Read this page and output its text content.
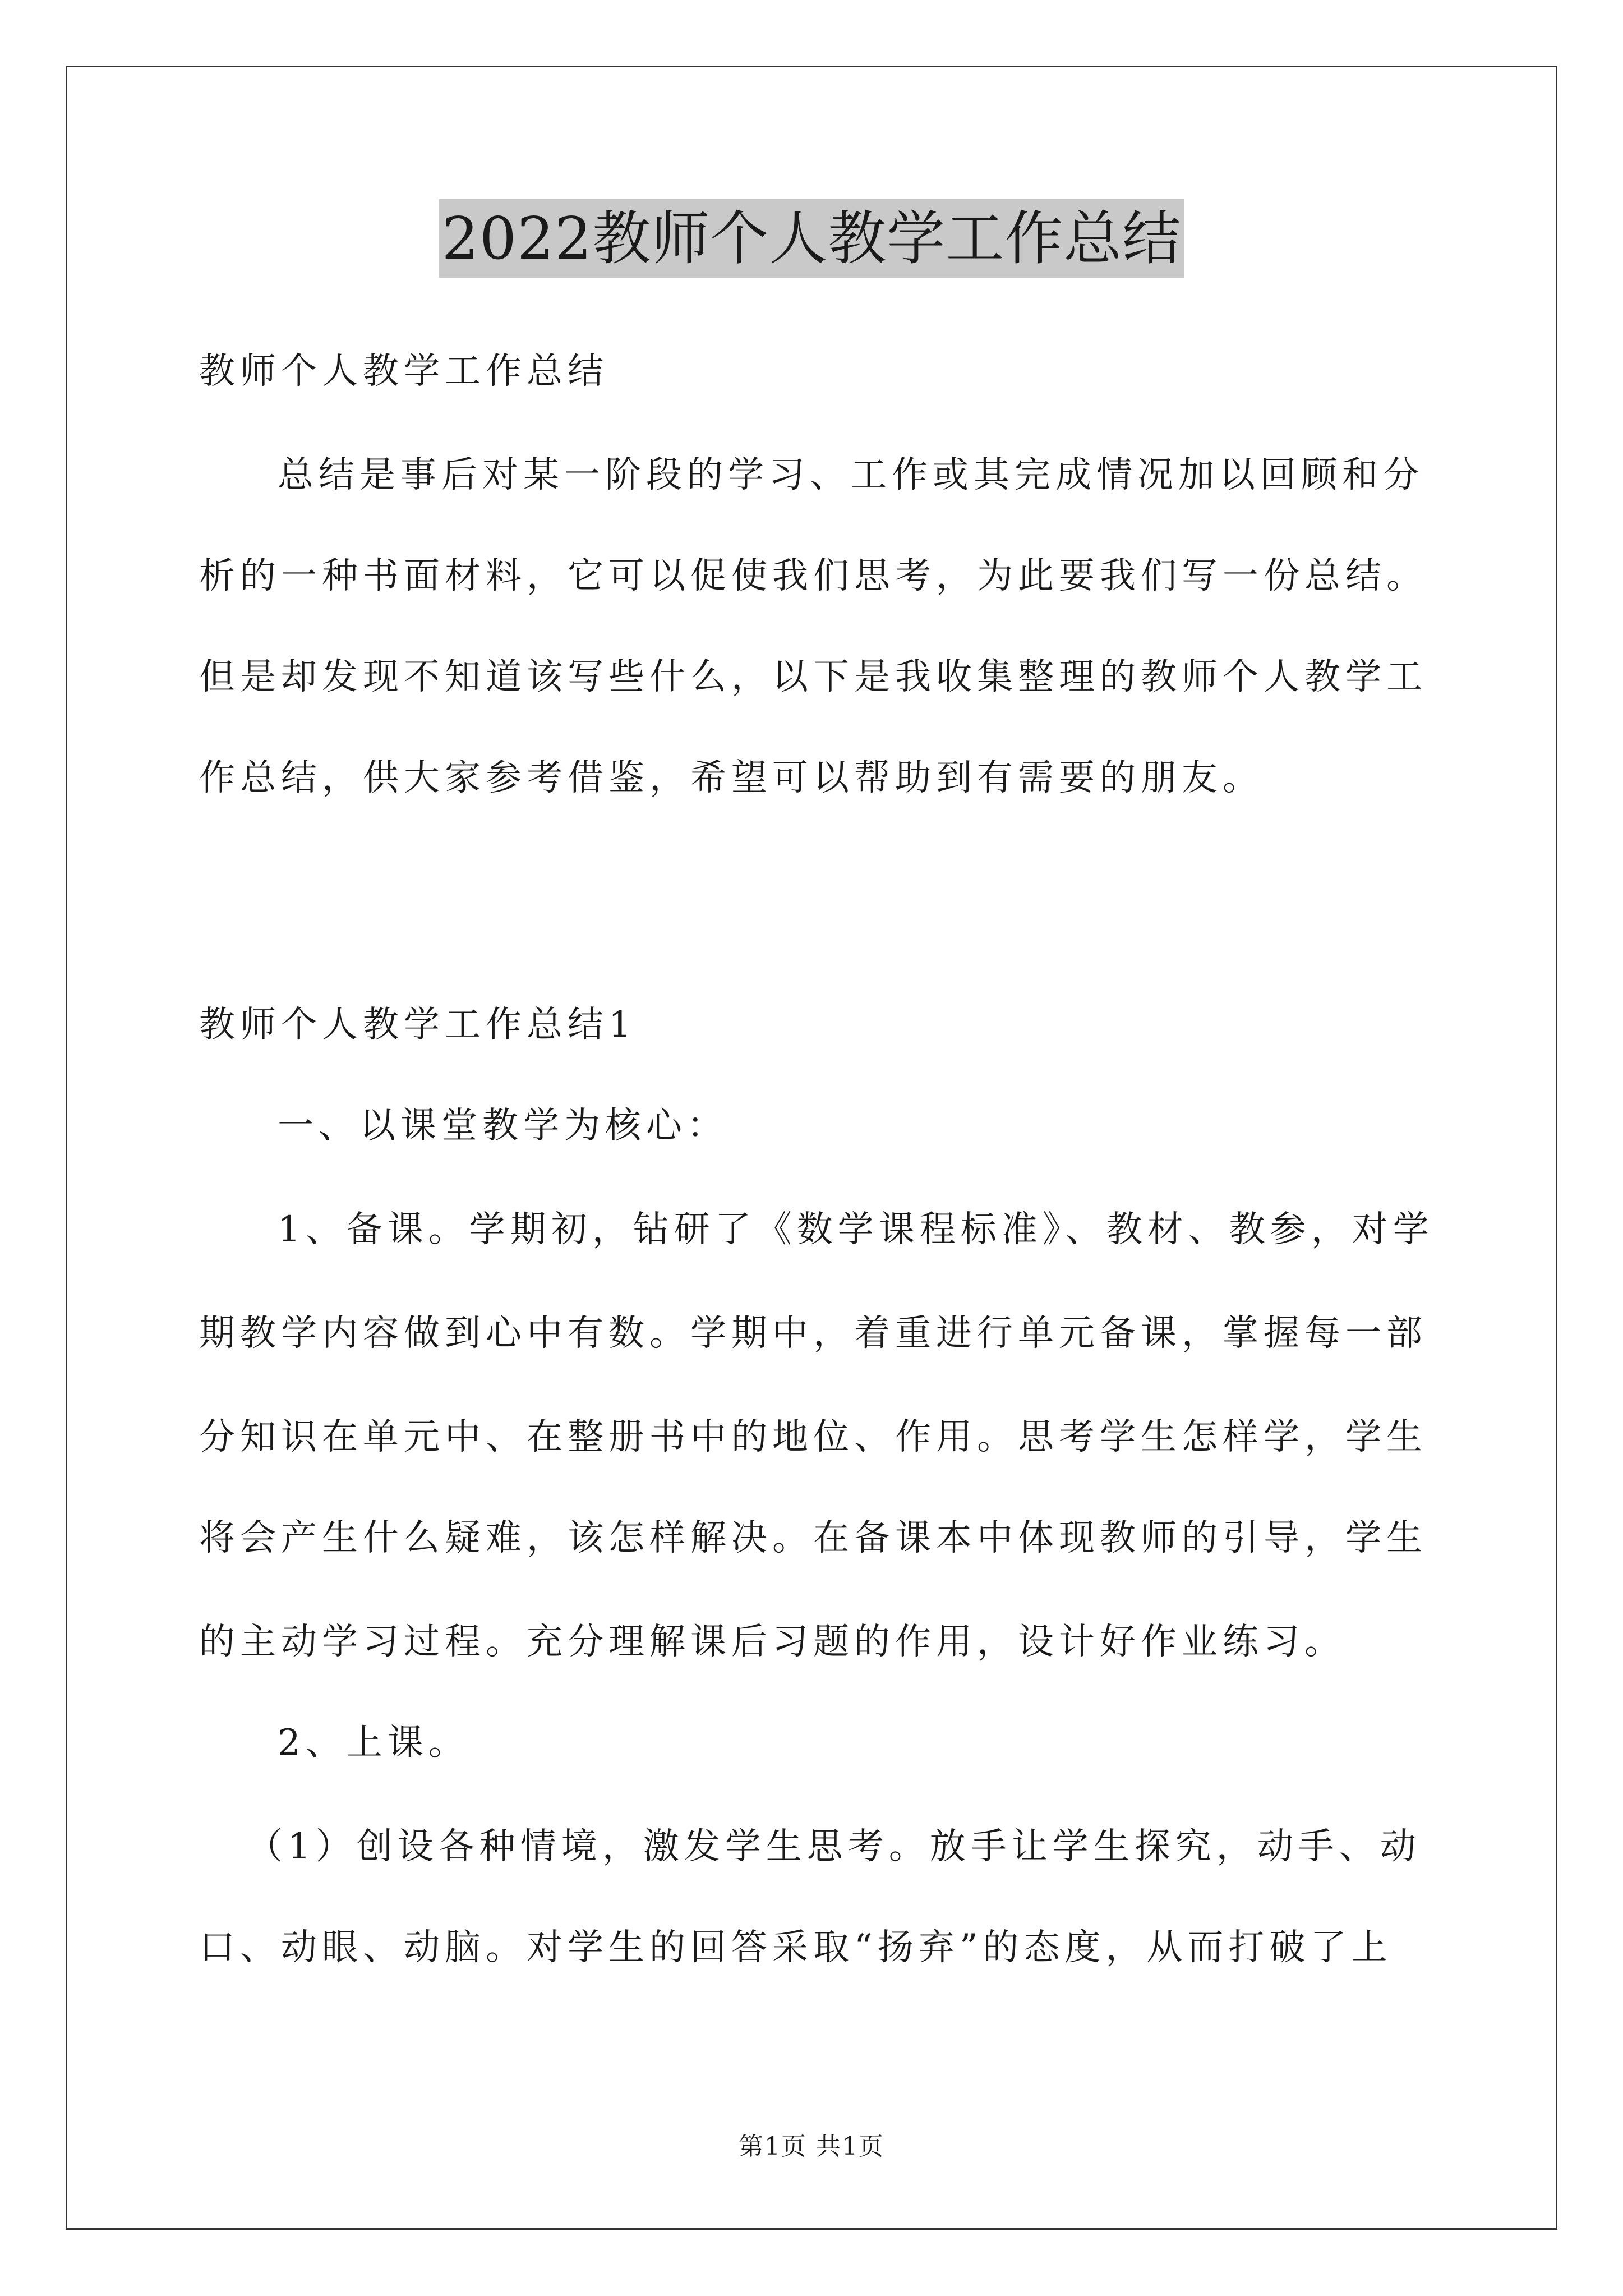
2022教师个人教学工作总结
教师个人教学工作总结
总结是事后对某一阶段的学习、工作或其完成情况加以回顾和分
析的一种书面材料，它可以促使我们思考，为此要我们写一份总结。
但是却发现不知道该写些什么，以下是我收集整理的教师个人教学工
作总结，供大家参考借鉴，希望可以帮助到有需要的朋友。
教师个人教学工作总结1
一、以课堂教学为核心：
1、备课。学期初，钻研了《数学课程标准》、教材、教参，对学
期教学内容做到心中有数。学期中，着重进行单元备课，掌握每一部
分知识在单元中、在整册书中的地位、作用。思考学生怎样学，学生
将会产生什么疑难，该怎样解决。在备课本中体现教师的引导，学生
的主动学习过程。充分理解课后习题的作用，设计好作业练习。
2、上课。
（1）创设各种情境，激发学生思考。放手让学生探究，动手、动
口、动眼、动脑。对学生的回答采取“扬弃”的态度，从而打破了上
第1页 共1页
